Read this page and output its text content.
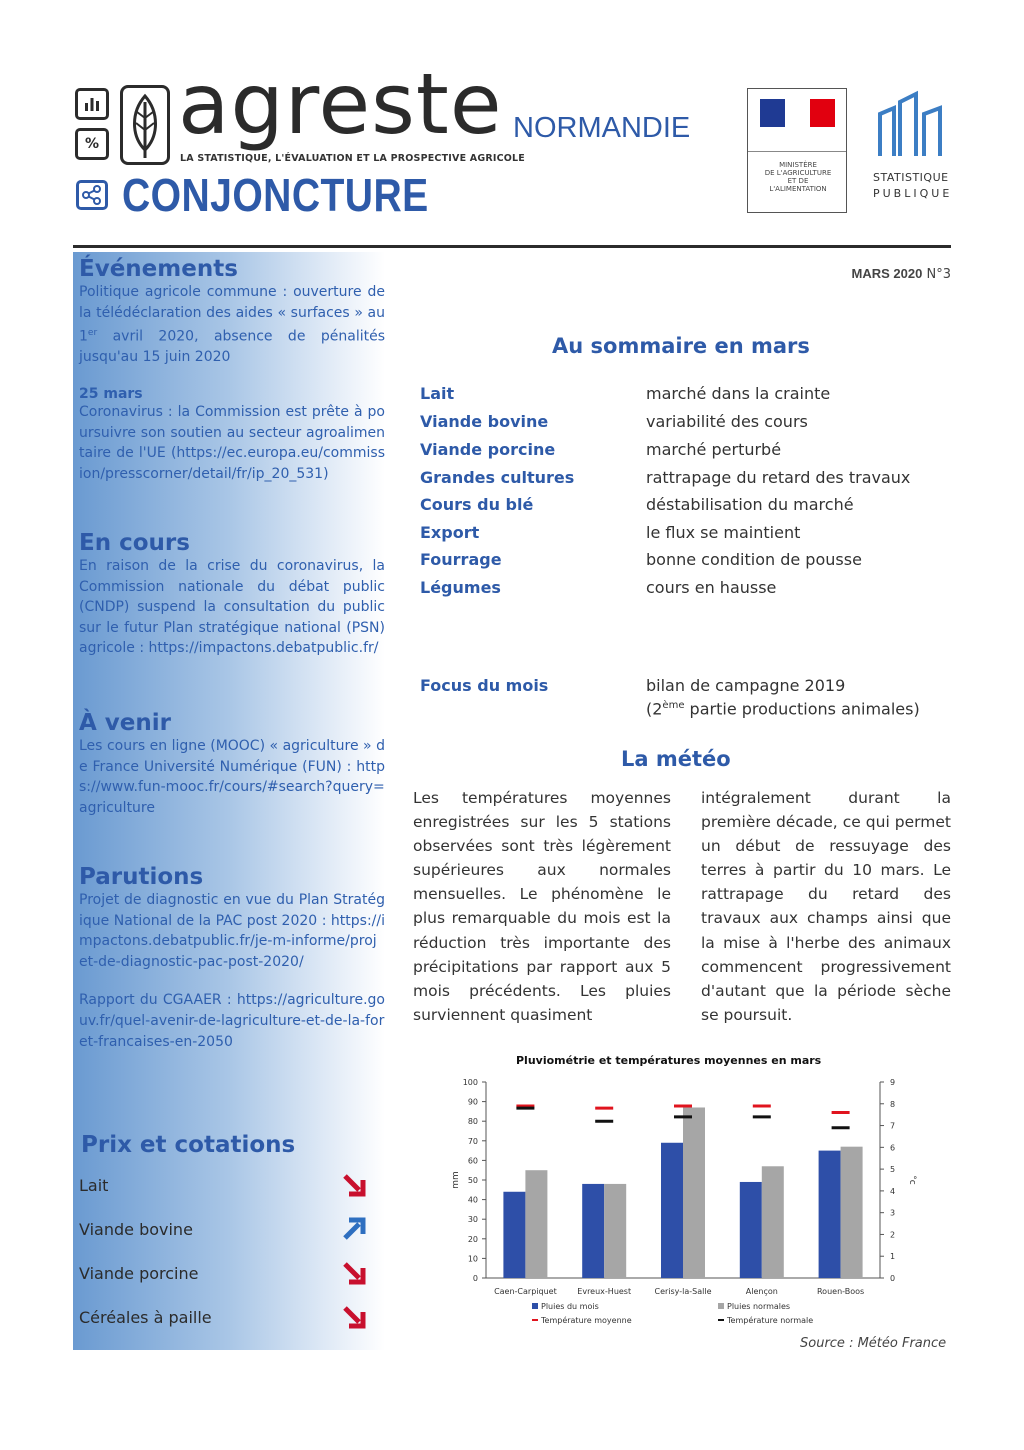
% agreste
LA STATISTIQUE, L'ÉVALUATION ET LA PROSPECTIVE AGRICOLE
CONJONCTURE
NORMANDIE
MINISTÈRE
DE L'AGRICULTURE
ET DE
L'ALIMENTATION
STATISTIQUE
PUBLIQUE
Événements
Politique agricole commune : ouverture de la télédéclaration des aides « surfaces » au 1er avril 2020, absence de pénalités jusqu'au 15 juin 2020
25 mars
Coronavirus : la Commission est prête à poursuivre son soutien au secteur agroalimentaire de l'UE (https://ec.europa.eu/commission/presscorner/detail/fr/ip_20_531)
En cours
En raison de la crise du coronavirus, la Commission nationale du débat public (CNDP) suspend la consultation du public sur le futur Plan stratégique national (PSN) agricole : https://impactons.debatpublic.fr/
À venir
Les cours en ligne (MOOC) « agriculture » de France Université Numérique (FUN) : https://www.fun-mooc.fr/cours/#search?query=agriculture
Parutions
Projet de diagnostic en vue du Plan Stratégique National de la PAC post 2020 : https://impactons.debatpublic.fr/je-m-informe/projet-de-diagnostic-pac-post-2020/
Rapport du CGAAER : https://agriculture.gouv.fr/quel-avenir-de-lagriculture-et-de-la-foret-francaises-en-2050
Prix et cotations
Lait
Viande bovine
Viande porcine
Céréales à paille
MARS 2020 N°3
Au sommaire en mars
Lait	marché dans la crainte
Viande bovine	variabilité des cours
Viande porcine	marché perturbé
Grandes cultures	rattrapage du retard des travaux
Cours du blé	déstabilisation du marché
Export	le flux se maintient
Fourrage	bonne condition de pousse
Légumes	cours en hausse
Focus du mois	bilan de campagne 2019
(2ème partie productions animales)
La météo
Les températures moyennes enregistrées sur les 5 stations observées sont très légèrement supérieures aux normales mensuelles. Le phénomène le plus remarquable du mois est la réduction très importante des précipitations par rapport aux 5 mois précédents. Les pluies surviennent quasiment
intégralement durant la première décade, ce qui permet un début de ressuyage des terres à partir du 10 mars. Le rattrapage du retard des travaux aux champs ainsi que la mise à l'herbe des animaux commencent progressivement d'autant que la période sèche se poursuit.
Pluviométrie et températures moyennes en mars
0
10
20
30
40
50
60
70
80
90
100
0
1
2
3
4
5
6
7
8
9
mm	°c
Caen-Carpiquet	Evreux-Huest	Cerisy-la-Salle	Alençon	Rouen-Boos
Pluies du mois	Pluies normales
Température moyenne	Température normale
Source : Météo France
